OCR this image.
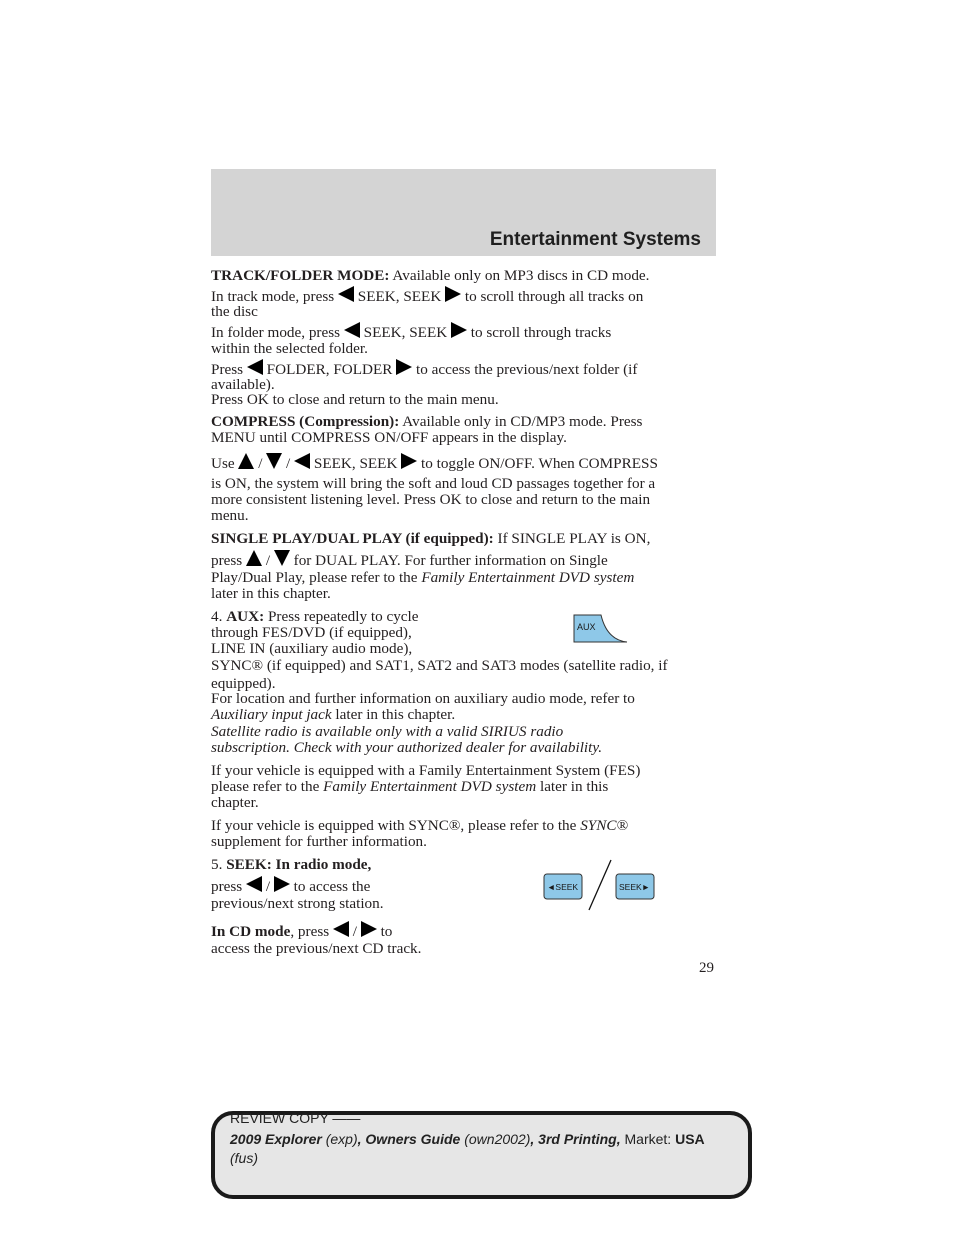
Entertainment Systems
TRACK/FOLDER MODE: Available only on MP3 discs in CD mode.
In track mode, press  SEEK, SEEK  to scroll through all tracks on
the disc
In folder mode, press  SEEK, SEEK  to scroll through tracks
within the selected folder.
Press  FOLDER, FOLDER  to access the previous/next folder (if
available).
Press OK to close and return to the main menu.
COMPRESS (Compression): Available only in CD/MP3 mode. Press
MENU until COMPRESS ON/OFF appears in the display.
Use  /  /  SEEK, SEEK  to toggle ON/OFF. When COMPRESS
is ON, the system will bring the soft and loud CD passages together for a
more consistent listening level. Press OK to close and return to the main
menu.
SINGLE PLAY/DUAL PLAY (if equipped): If SINGLE PLAY is ON,
press  /  for DUAL PLAY. For further information on Single
Play/Dual Play, please refer to the Family Entertainment DVD system
later in this chapter.
4. AUX: Press repeatedly to cycle
through FES/DVD (if equipped),
LINE IN (auxiliary audio mode),
SYNC® (if equipped) and SAT1, SAT2 and SAT3 modes (satellite radio, if
equipped).
For location and further information on auxiliary audio mode, refer to
Auxiliary input jack later in this chapter.
Satellite radio is available only with a valid SIRIUS radio
subscription. Check with your authorized dealer for availability.
If your vehicle is equipped with a Family Entertainment System (FES)
please refer to the Family Entertainment DVD system later in this
chapter.
If your vehicle is equipped with SYNC®, please refer to the SYNC®
supplement for further information.
5. SEEK: In radio mode,
press  /  to access the
previous/next strong station.
In CD mode, press  /  to
access the previous/next CD track.
AUX
◄SEEK	SEEK►
29
REVIEW COPY ——
2009 Explorer (exp), Owners Guide (own2002), 3rd Printing, Market: USA
(fus)
